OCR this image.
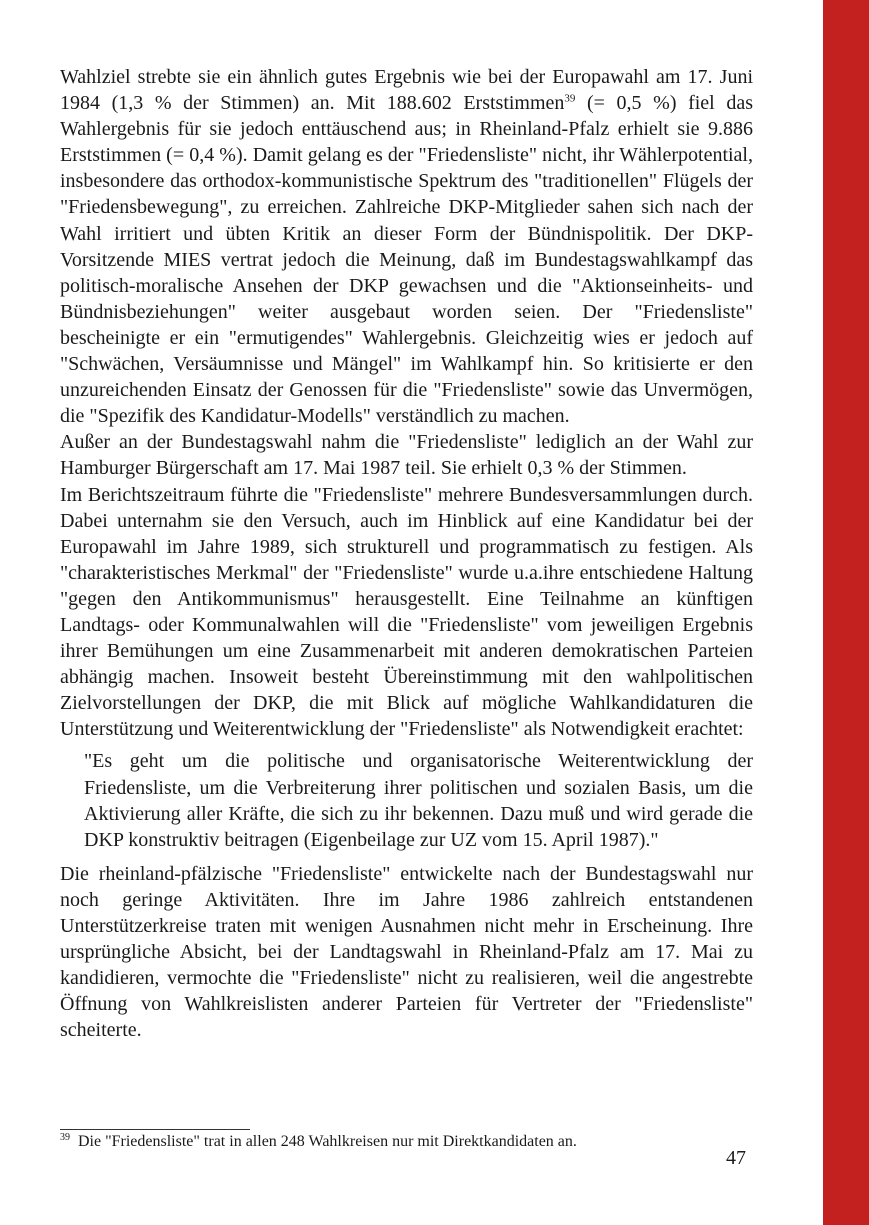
Wahlziel strebte sie ein ähnlich gutes Ergebnis wie bei der Europawahl am 17. Juni 1984 (1,3 % der Stimmen) an. Mit 188.602 Erststimmen$^{39}$ (= 0,5 %) fiel das Wahlergebnis für sie jedoch enttäuschend aus; in Rheinland-Pfalz erhielt sie 9.886 Erststimmen (= 0,4 %). Damit gelang es der "Friedensliste" nicht, ihr Wählerpotential, insbesondere das orthodox-kommunistische Spektrum des "traditionellen" Flügels der "Friedensbewegung", zu erreichen. Zahlreiche DKP-Mitglieder sahen sich nach der Wahl irritiert und übten Kritik an dieser Form der Bündnispolitik. Der DKP-Vorsitzende MIES vertrat jedoch die Meinung, daß im Bundestagswahlkampf das politisch-moralische Ansehen der DKP gewachsen und die "Aktionseinheits- und Bündnisbeziehungen" weiter ausgebaut worden seien. Der "Friedensliste" bescheinigte er ein "ermutigendes" Wahlergebnis. Gleichzeitig wies er jedoch auf "Schwächen, Versäumnisse und Mängel" im Wahlkampf hin. So kritisierte er den unzureichenden Einsatz der Genossen für die "Friedensliste" sowie das Unvermögen, die "Spezifik des Kandidatur-Modells" verständlich zu machen.

Außer an der Bundestagswahl nahm die "Friedensliste" lediglich an der Wahl zur Hamburger Bürgerschaft am 17. Mai 1987 teil. Sie erhielt 0,3 % der Stimmen.

Im Berichtszeitraum führte die "Friedensliste" mehrere Bundesversammlungen durch. Dabei unternahm sie den Versuch, auch im Hinblick auf eine Kandidatur bei der Europawahl im Jahre 1989, sich strukturell und programmatisch zu festigen. Als "charakteristisches Merkmal" der "Friedensliste" wurde u.a.ihre entschiedene Haltung "gegen den Antikommunismus" herausgestellt. Eine Teilnahme an künftigen Landtags- oder Kommunalwahlen will die "Friedensliste" vom jeweiligen Ergebnis ihrer Bemühungen um eine Zusammenarbeit mit anderen demokratischen Parteien abhängig machen. Insoweit besteht Übereinstimmung mit den wahlpolitischen Zielvorstellungen der DKP, die mit Blick auf mögliche Wahlkandidaturen die Unterstützung und Weiterentwicklung der "Friedensliste" als Notwendigkeit erachtet:

"Es geht um die politische und organisatorische Weiterentwicklung der Friedensliste, um die Verbreiterung ihrer politischen und sozialen Basis, um die Aktivierung aller Kräfte, die sich zu ihr bekennen. Dazu muß und wird gerade die DKP konstruktiv beitragen (Eigenbeilage zur UZ vom 15. April 1987)."

Die rheinland-pfälzische "Friedensliste" entwickelte nach der Bundestagswahl nur noch geringe Aktivitäten. Ihre im Jahre 1986 zahlreich entstandenen Unterstützerkreise traten mit wenigen Ausnahmen nicht mehr in Erscheinung. Ihre ursprüngliche Absicht, bei der Landtagswahl in Rheinland-Pfalz am 17. Mai zu kandidieren, vermochte die "Friedensliste" nicht zu realisieren, weil die angestrebte Öffnung von Wahlkreislisten anderer Parteien für Vertreter der "Friedensliste" scheiterte.

$^{39}$ Die "Friedensliste" trat in allen 248 Wahlkreisen nur mit Direktkandidaten an.

47
